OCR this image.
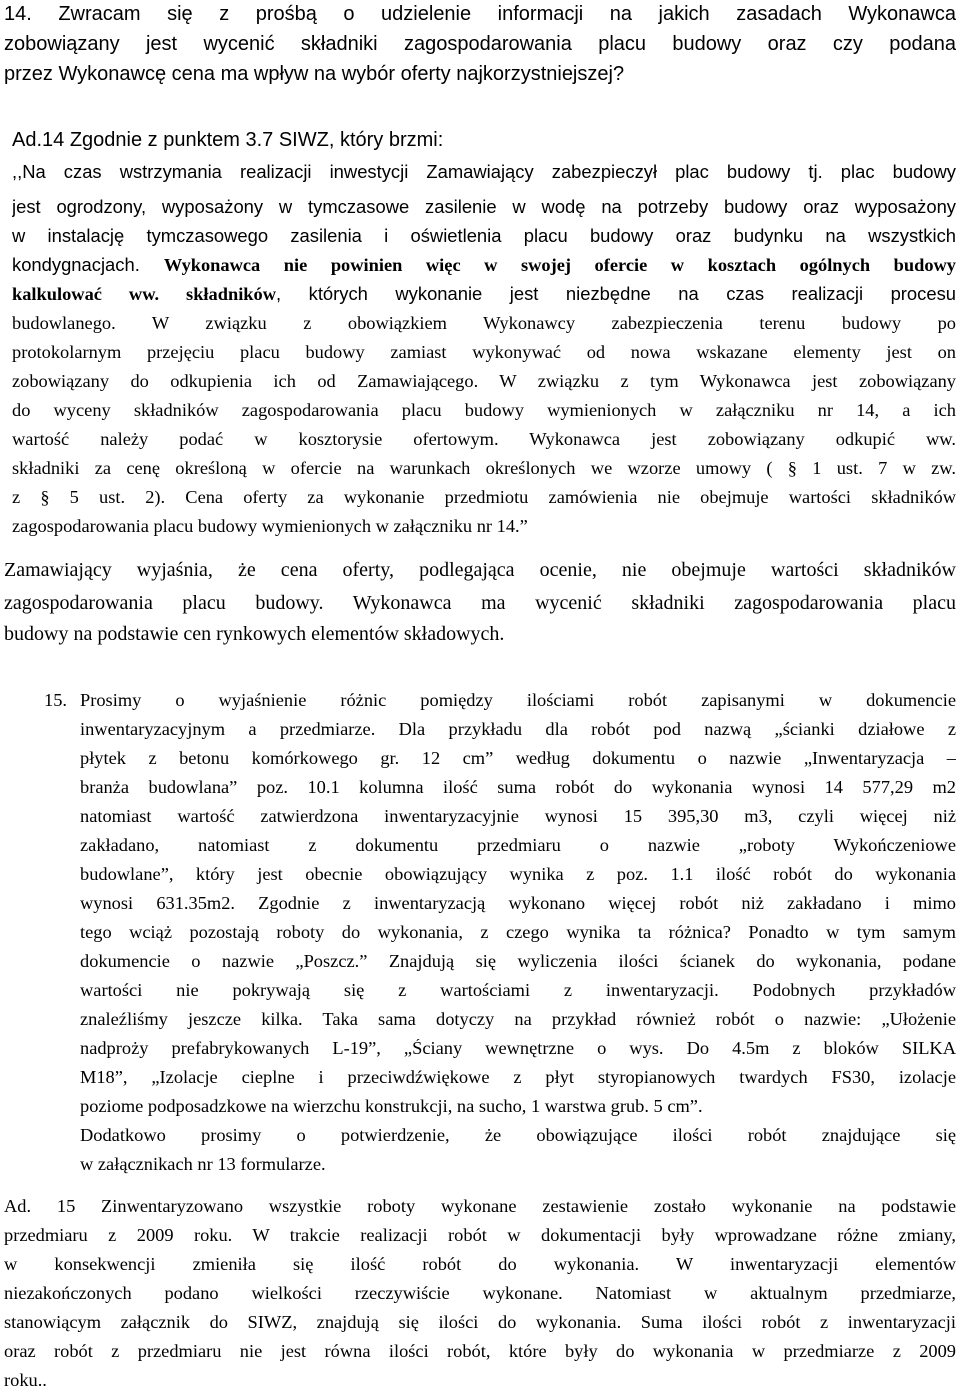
14. Zwracam się z prośbą o udzielenie informacji na jakich zasadach Wykonawca
zobowiązany jest wycenić składniki zagospodarowania placu budowy oraz czy podana
przez Wykonawcę cena ma wpływ na wybór oferty najkorzystniejszej?
Ad.14 Zgodnie z punktem 3.7 SIWZ, który brzmi:
,,Na czas wstrzymania realizacji inwestycji Zamawiający zabezpieczył plac budowy tj. plac budowy
jest ogrodzony, wyposażony w tymczasowe zasilenie w wodę na potrzeby budowy oraz wyposażony
w instalację tymczasowego zasilenia i oświetlenia placu budowy oraz budynku na wszystkich
kondygnacjach. Wykonawca nie powinien więc w swojej ofercie w kosztach ogólnych budowy
kalkulować ww. składników, których wykonanie jest niezbędne na czas realizacji procesu
budowlanego. W związku z obowiązkiem Wykonawcy zabezpieczenia terenu budowy po
protokolarnym przejęciu placu budowy zamiast wykonywać od nowa wskazane elementy jest on
zobowiązany do odkupienia ich od Zamawiającego. W związku z tym Wykonawca jest zobowiązany
do wyceny składników zagospodarowania placu budowy wymienionych w załączniku nr 14, a ich
wartość należy podać w kosztorysie ofertowym. Wykonawca jest zobowiązany odkupić ww.
składniki za cenę określoną w ofercie na warunkach określonych we wzorze umowy ( § 1 ust. 7 w zw.
z § 5 ust. 2). Cena oferty za wykonanie przedmiotu zamówienia nie obejmuje wartości składników
zagospodarowania placu budowy wymienionych w załączniku nr 14.”
Zamawiający wyjaśnia, że cena oferty, podlegająca ocenie, nie obejmuje wartości składników
zagospodarowania placu budowy. Wykonawca ma wycenić składniki zagospodarowania placu
budowy na podstawie cen rynkowych elementów składowych.
15. Prosimy o wyjaśnienie różnic pomiędzy ilościami robót zapisanymi w dokumencie
inwentaryzacyjnym a przedmiarze. Dla przykładu dla robót pod nazwą „ścianki działowe z
płytek z betonu komórkowego gr. 12 cm” według dokumentu o nazwie „Inwentaryzacja –
branża budowlana” poz. 10.1 kolumna ilość suma robót do wykonania wynosi 14 577,29 m2
natomiast wartość zatwierdzona inwentaryzacyjnie wynosi 15 395,30 m3, czyli więcej niż
zakładano, natomiast z dokumentu przedmiaru o nazwie „roboty Wykończeniowe
budowlane”, który jest obecnie obowiązujący wynika z poz. 1.1 ilość robót do wykonania
wynosi 631.35m2. Zgodnie z inwentaryzacją wykonano więcej robót niż zakładano i mimo
tego wciąż pozostają roboty do wykonania, z czego wynika ta różnica? Ponadto w tym samym
dokumencie o nazwie „Poszcz.” Znajdują się wyliczenia ilości ścianek do wykonania, podane
wartości nie pokrywają się z wartościami z inwentaryzacji. Podobnych przykładów
znaleźliśmy jeszcze kilka. Taka sama dotyczy na przykład również robót o nazwie: „Ułożenie
nadproży prefabrykowanych L-19”, „Ściany wewnętrzne o wys. Do 4.5m z bloków SILKA
M18”, „Izolacje cieplne i przeciwdźwiękowe z płyt styropianowych twardych FS30, izolacje
poziome podposadzkowe na wierzchu konstrukcji, na sucho, 1 warstwa grub. 5 cm”.
Dodatkowo prosimy o potwierdzenie, że obowiązujące ilości robót znajdujące się
w załącznikach nr 13 formularze.
Ad. 15 Zinwentaryzowano wszystkie roboty wykonane zestawienie zostało wykonanie na podstawie
przedmiaru z 2009 roku. W trakcie realizacji robót w dokumentacji były wprowadzane różne zmiany,
w konsekwencji zmieniła się ilość robót do wykonania. W inwentaryzacji elementów
niezakończonych podano wielkości rzeczywiście wykonane. Natomiast w aktualnym przedmiarze,
stanowiącym załącznik do SIWZ, znajdują się ilości do wykonania. Suma ilości robót z inwentaryzacji
oraz robót z przedmiaru nie jest równa ilości robót, które były do wykonania w przedmiarze z 2009
roku..
